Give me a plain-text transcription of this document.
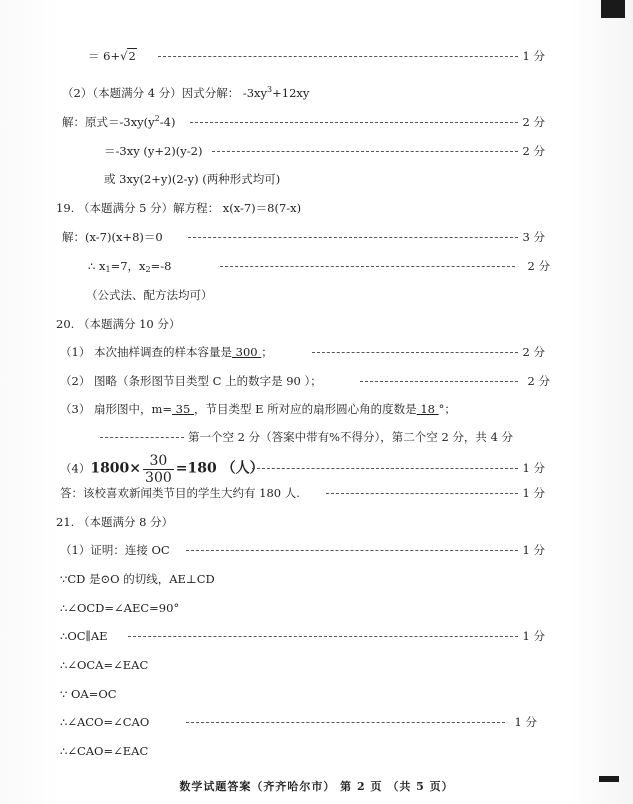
＝ 6+√2	1 分
（2）（本题满分 4 分）因式分解： $-3xy^3+12xy$
解：原式$=-3xy(y^2-4)$	2 分
＝-3xy (y+2)(y-2)	2 分
或 3xy(2+y)(2-y) (两种形式均可)
19. （本题满分 5 分）解方程： x(x-7)＝8(7-x)
解：(x-7)(x+8)＝0	3 分
∴ $x_1=7$，$x_2=-8$	2 分
（公式法、配方法均可）
20. （本题满分 10 分）
（1） 本次抽样调查的样本容量是 300 ；	2 分
（2） 图略（条形图节目类型 C 上的数字是 90 ）；	2 分
（3） 扇形图中，m= 35 ，节目类型 E 所对应的扇形圆心角的度数是 18 °；
第一个空 2 分（答案中带有%不得分），第二个空 2 分，共 4 分
$(4)1800\times \frac{30}{300} =180$ （人）	1 分
答：该校喜欢新闻类节目的学生大约有 180 人.	1 分
21. （本题满分 8 分）
（1）证明：连接 OC	1 分
∵CD 是⊙O 的切线，AE⊥CD
∴∠OCD=∠AEC=90°
∴OC∥AE	1 分
∴∠OCA=∠EAC
∵ OA=OC
∴∠ACO=∠CAO	1 分
∴∠CAO=∠EAC
数学试题答案（齐齐哈尔市） 第 2 页 （共 5 页）
